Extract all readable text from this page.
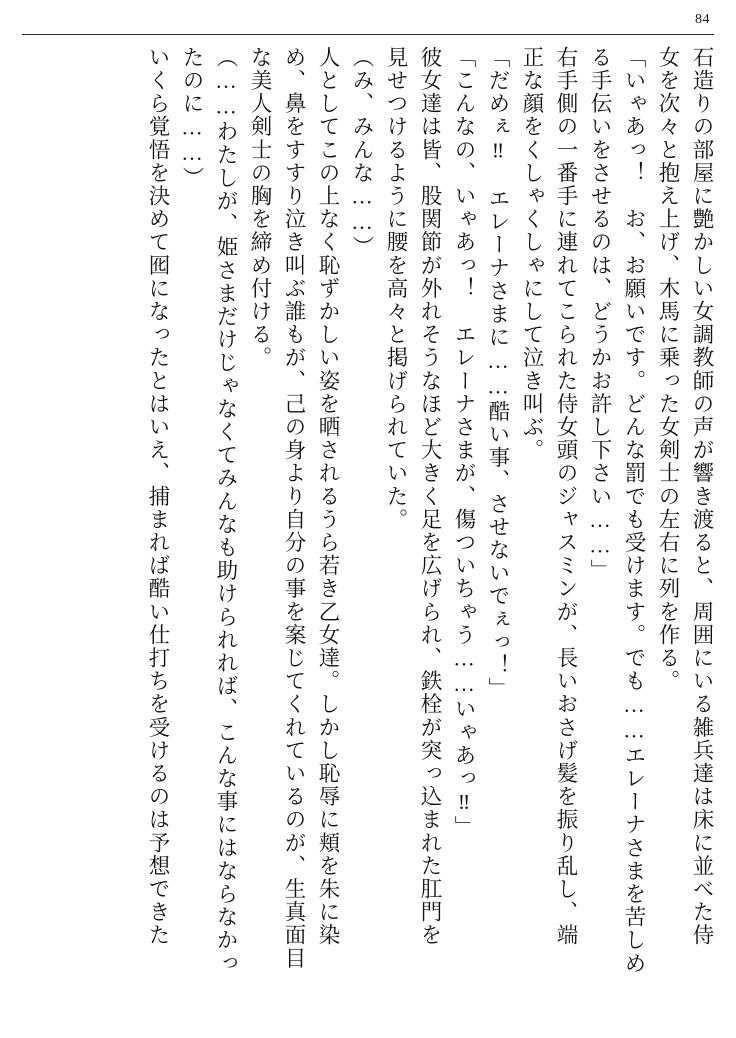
84
石造りの部屋に艶かしい女調教師の声が響き渡ると、周囲にいる雑兵達は床に並べた侍
女を次々と抱え上げ、木馬に乗った女剣士の左右に列を作る。
「いゃあっ！　お、お願いです。どんな罰でも受けます。でも……エレーナさまを苦しめ
る手伝いをさせるのは、どうかお許し下さい……」
右手側の一番手に連れてこられた侍女頭のジャスミンが、長いおさげ髪を振り乱し、端
正な顔をくしゃくしゃにして泣き叫ぶ。
「だめぇ‼　エレーナさまに……酷い事、させないでぇっ！」
「こんなの、いゃあっ！　エレーナさまが、傷ついちゃう……いゃあっ‼」
彼女達は皆、股関節が外れそうなほど大きく足を広げられ、鉄栓が突っ込まれた肛門を
見せつけるように腰を高々と掲げられていた。
（み、みんな……）
人としてこの上なく恥ずかしい姿を晒されるうら若き乙女達。しかし恥辱に頬を朱に染
め、鼻をすすり泣き叫ぶ誰もが、己の身より自分の事を案じてくれているのが、生真面目
な美人剣士の胸を締め付ける。
（……わたしが、姫さまだけじゃなくてみんなも助けられれば、こんな事にはならなかっ
たのに……）
いくら覚悟を決めて囮になったとはいえ、捕まれば酷い仕打ちを受けるのは予想できた
